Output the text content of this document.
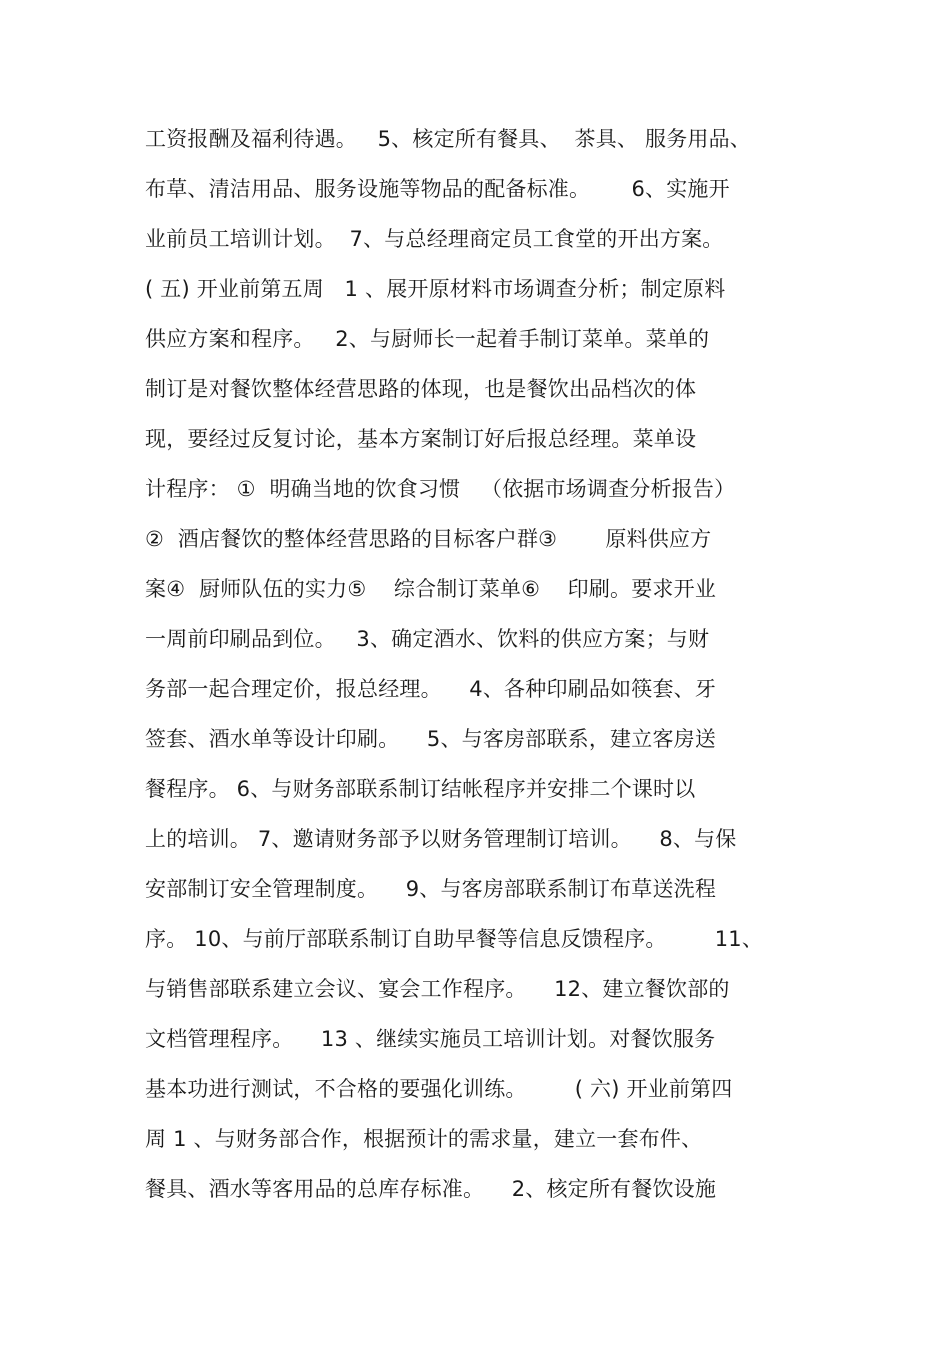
工资报酬及福利待遇。   5、核定所有餐具、  茶具、 服务用品、
布草、清洁用品、服务设施等物品的配备标准。      6、实施开
业前员工培训计划。  7、与总经理商定员工食堂的开出方案。
( 五) 开业前第五周   1 、展开原材料市场调查分析；制定原料
供应方案和程序。   2、与厨师长一起着手制订菜单。菜单的
制订是对餐饮整体经营思路的体现，也是餐饮出品档次的体
现，要经过反复讨论，基本方案制订好后报总经理。菜单设
计程序： ①  明确当地的饮食习惯   （依据市场调查分析报告）
②  酒店餐饮的整体经营思路的目标客户群③       原料供应方
案④  厨师队伍的实力⑤    综合制订菜单⑥    印刷。要求开业
一周前印刷品到位。   3、确定酒水、饮料的供应方案；与财
务部一起合理定价，报总经理。    4、各种印刷品如筷套、牙
签套、酒水单等设计印刷。    5、与客房部联系，建立客房送
餐程序。 6、与财务部联系制订结帐程序并安排二个课时以
上的培训。 7、邀请财务部予以财务管理制订培训。    8、与保
安部制订安全管理制度。    9、与客房部联系制订布草送洗程
序。 10、与前厅部联系制订自助早餐等信息反馈程序。       11、
与销售部联系建立会议、宴会工作程序。    12、建立餐饮部的
文档管理程序。    13 、继续实施员工培训计划。对餐饮服务
基本功进行测试，不合格的要强化训练。       ( 六) 开业前第四
周 1 、与财务部合作，根据预计的需求量，建立一套布件、
餐具、酒水等客用品的总库存标准。    2、核定所有餐饮设施
